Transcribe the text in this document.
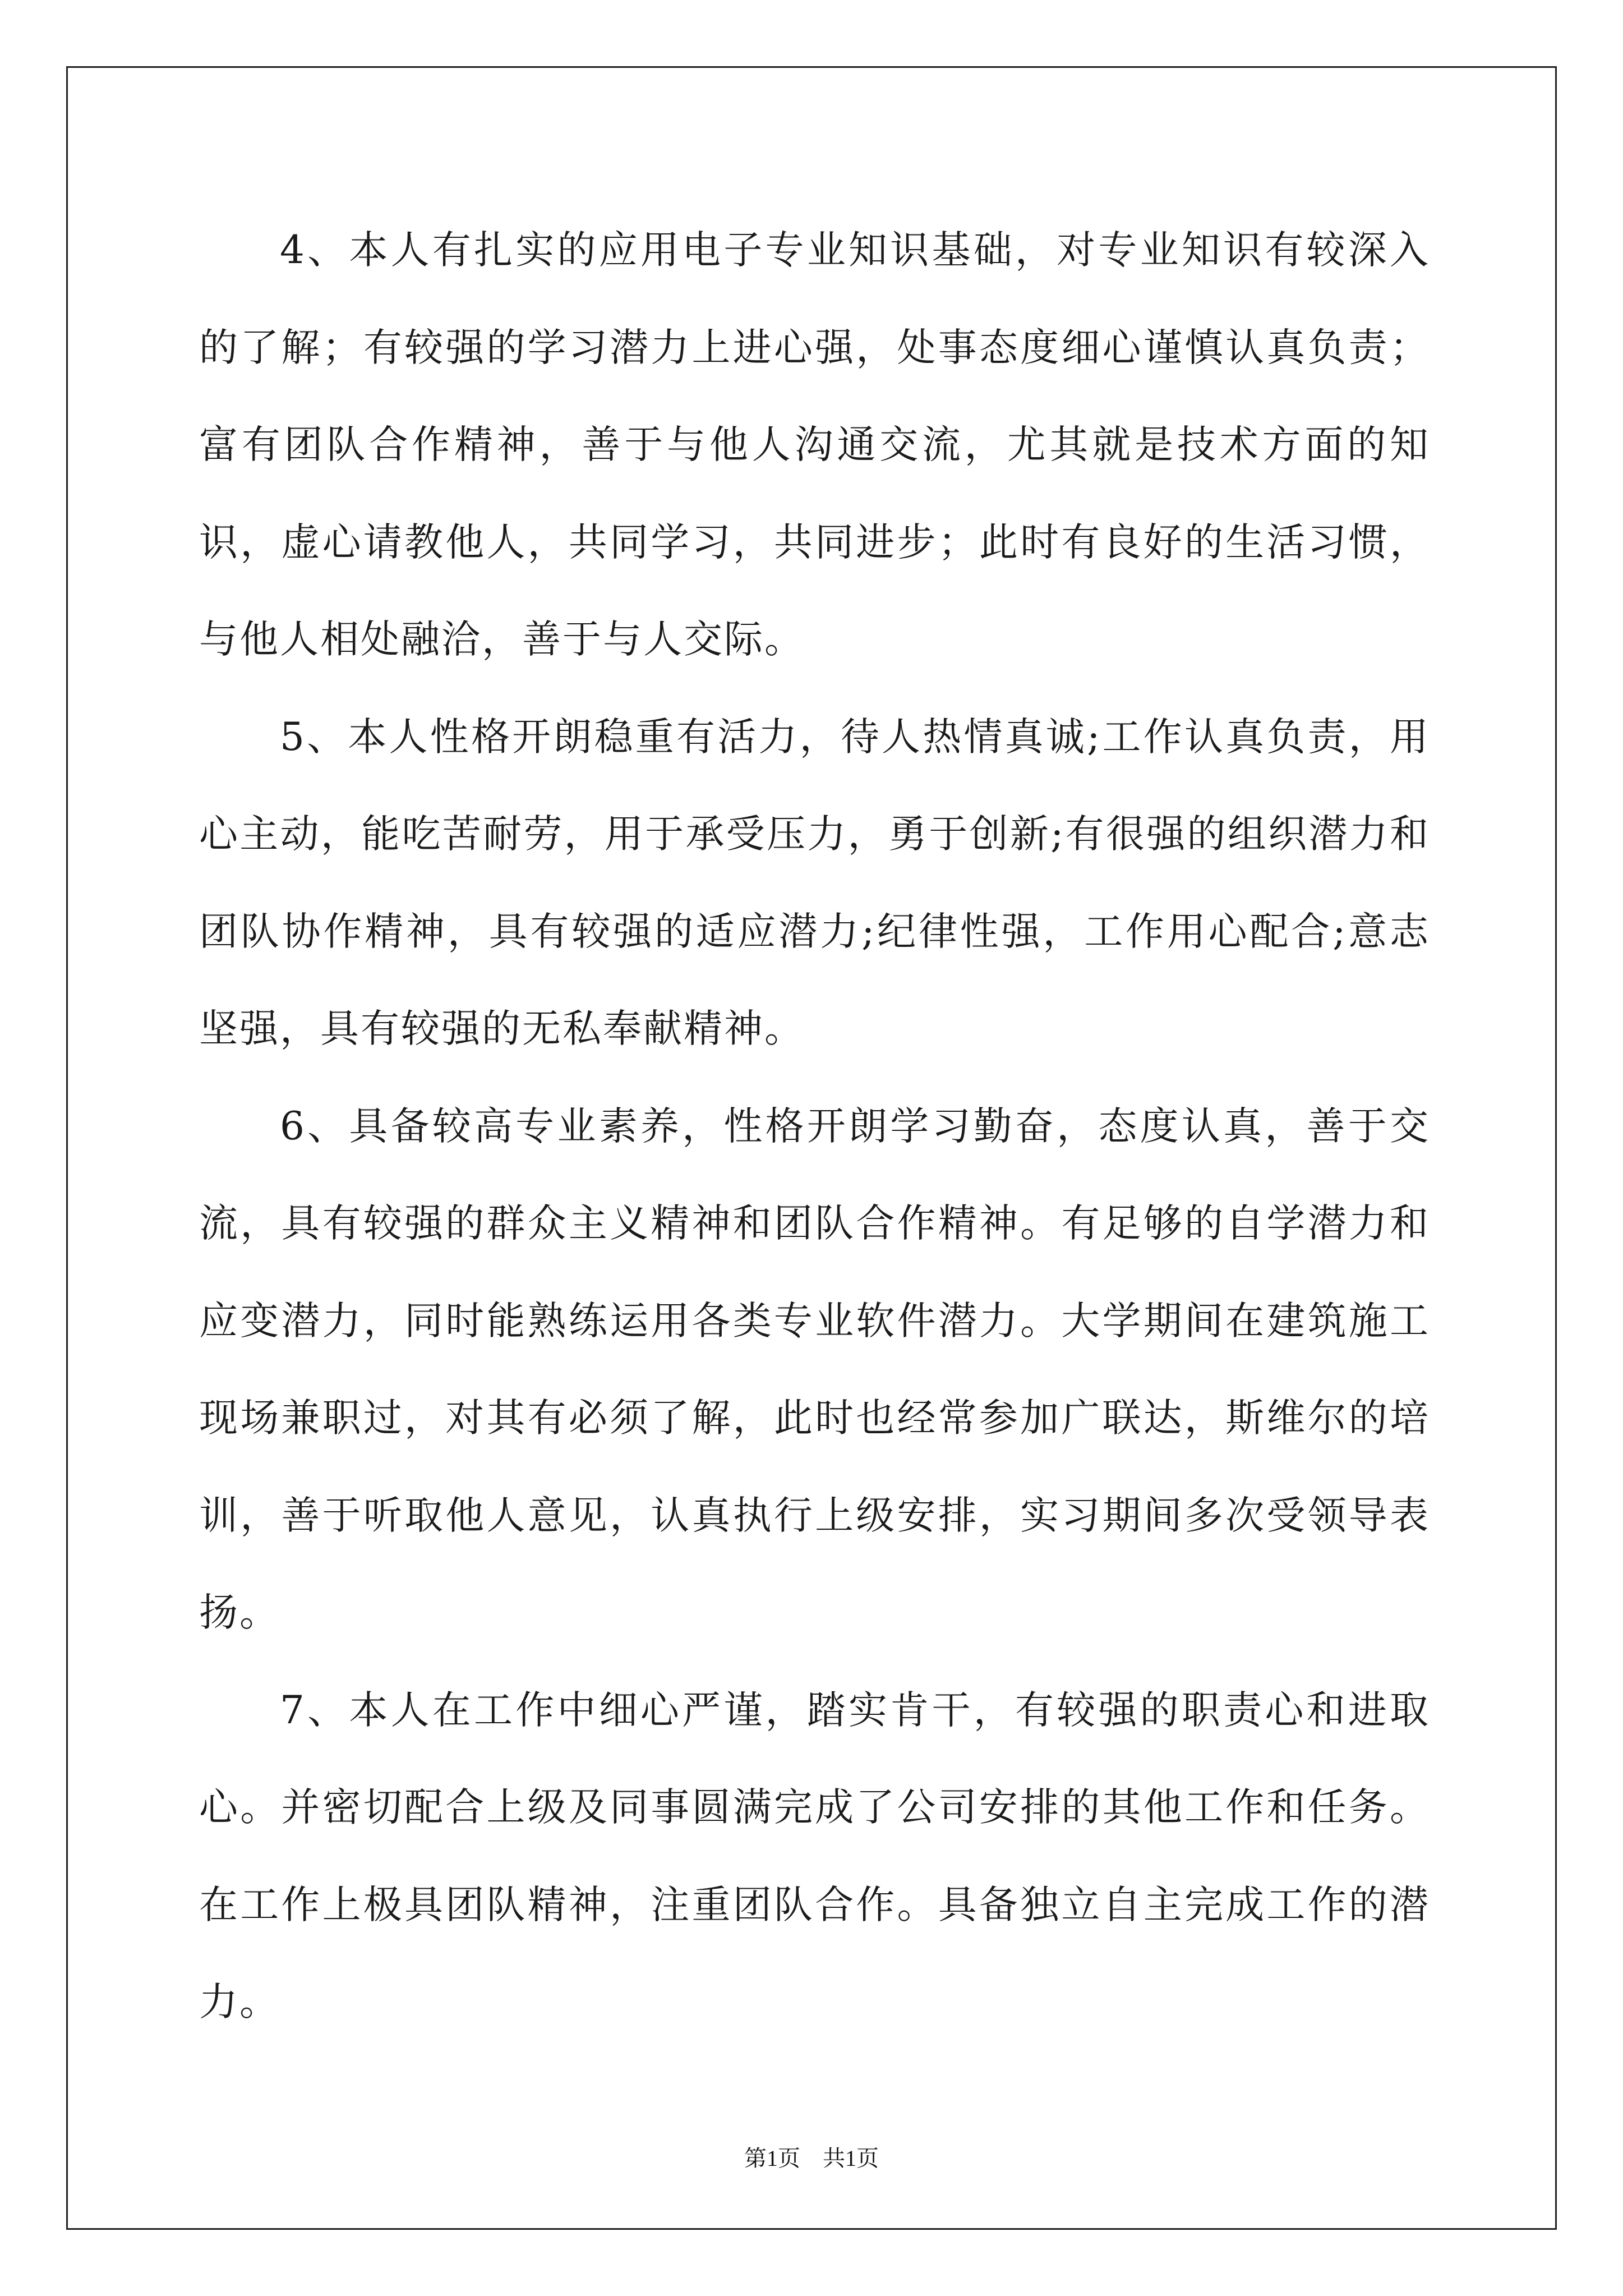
4、本人有扎实的应用电子专业知识基础，对专业知识有较深入的了解；有较强的学习潜力上进心强，处事态度细心谨慎认真负责；富有团队合作精神，善于与他人沟通交流，尤其就是技术方面的知识，虚心请教他人，共同学习，共同进步；此时有良好的生活习惯，与他人相处融洽，善于与人交际。

5、本人性格开朗稳重有活力，待人热情真诚;工作认真负责，用心主动，能吃苦耐劳，用于承受压力，勇于创新;有很强的组织潜力和团队协作精神，具有较强的适应潜力;纪律性强，工作用心配合;意志坚强，具有较强的无私奉献精神。

6、具备较高专业素养，性格开朗学习勤奋，态度认真，善于交流，具有较强的群众主义精神和团队合作精神。有足够的自学潜力和应变潜力，同时能熟练运用各类专业软件潜力。大学期间在建筑施工现场兼职过，对其有必须了解，此时也经常参加广联达，斯维尔的培训，善于听取他人意见，认真执行上级安排，实习期间多次受领导表扬。

7、本人在工作中细心严谨，踏实肯干，有较强的职责心和进取心。并密切配合上级及同事圆满完成了公司安排的其他工作和任务。在工作上极具团队精神，注重团队合作。具备独立自主完成工作的潜力。

第1页　共1页
